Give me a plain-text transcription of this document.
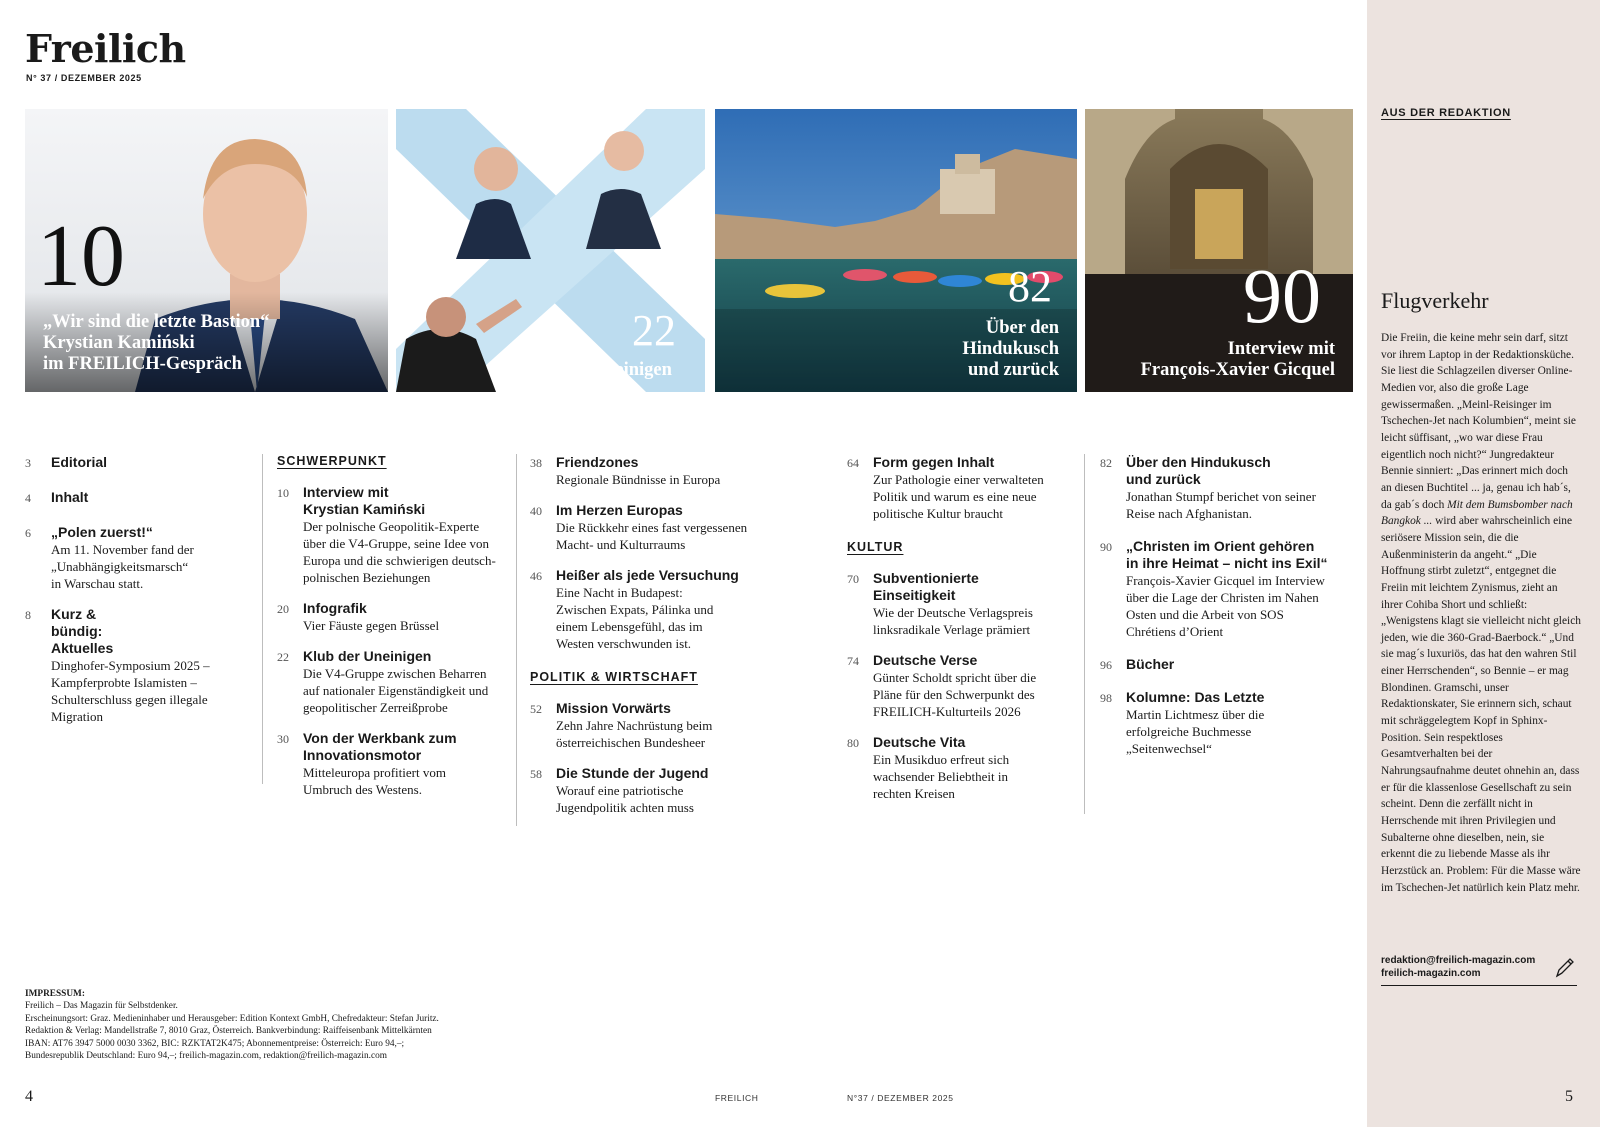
Freilich
N° 37 / DEZEMBER 2025
10
„Wir sind die letzte Bastion“
Krystian Kamiński
im FREILICH-Gespräch
22
Klub der Uneinigen
82
Über den
Hindukusch
und zurück
90
Interview mit
François-Xavier Gicquel
3 Editorial
4 Inhalt
6 „Polen zuerst!“
Am 11. November fand der „Unabhängigkeitsmarsch“ in Warschau statt.
8 Kurz & bündig: Aktuelles
Dinghofer-Symposium 2025 – Kampferprobte Islamisten – Schulterschluss gegen illegale Migration
SCHWERPUNKT
10 Interview mit Krystian Kamiński
Der polnische Geopolitik-Experte über die V4-Gruppe, seine Idee von Europa und die schwierigen deutsch-polnischen Beziehungen
20 Infografik
Vier Fäuste gegen Brüssel
22 Klub der Uneinigen
Die V4-Gruppe zwischen Beharren auf nationaler Eigenständigkeit und geopolitischer Zerreißprobe
30 Von der Werkbank zum Innovationsmotor
Mitteleuropa profitiert vom Umbruch des Westens.
38 Friendzones
Regionale Bündnisse in Europa
40 Im Herzen Europas
Die Rückkehr eines fast vergessenen Macht- und Kulturraums
46 Heißer als jede Versuchung
Eine Nacht in Budapest: Zwischen Expats, Pálinka und einem Lebensgefühl, das im Westen verschwunden ist.
POLITIK & WIRTSCHAFT
52 Mission Vorwärts
Zehn Jahre Nachrüstung beim österreichischen Bundesheer
58 Die Stunde der Jugend
Worauf eine patriotische Jugendpolitik achten muss
64 Form gegen Inhalt
Zur Pathologie einer verwalteten Politik und warum es eine neue politische Kultur braucht
KULTUR
70 Subventionierte Einseitigkeit
Wie der Deutsche Verlagspreis linksradikale Verlage prämiert
74 Deutsche Verse
Günter Scholdt spricht über die Pläne für den Schwerpunkt des FREILICH-Kulturteils 2026
80 Deutsche Vita
Ein Musikduo erfreut sich wachsender Beliebtheit in rechten Kreisen
82 Über den Hindukusch und zurück
Jonathan Stumpf berichet von seiner Reise nach Afghanistan.
90 „Christen im Orient gehören in ihre Heimat – nicht ins Exil“
François-Xavier Gicquel im Interview über die Lage der Christen im Nahen Osten und die Arbeit von SOS Chrétiens d’Orient
96 Bücher
98 Kolumne: Das Letzte
Martin Lichtmesz über die erfolgreiche Buchmesse „Seitenwechsel“
IMPRESSUM:
Freilich – Das Magazin für Selbstdenker.
Erscheinungsort: Graz. Medieninhaber und Herausgeber: Edition Kontext GmbH, Chefredakteur: Stefan Juritz.
Redaktion & Verlag: Mandellstraße 7, 8010 Graz, Österreich. Bankverbindung: Raiffeisenbank Mittelkärnten
IBAN: AT76 3947 5000 0030 3362, BIC: RZKTAT2K475; Abonnementpreise: Österreich: Euro 94,–;
Bundesrepublik Deutschland: Euro 94,–; freilich-magazin.com, redaktion@freilich-magazin.com
4	FREILICH	N°37 / DEZEMBER 2025
AUS DER REDAKTION
Flugverkehr
Die Freiin, die keine mehr sein darf, sitzt vor ihrem Laptop in der Redaktionsküche. Sie liest die Schlagzeilen diverser Online-Medien vor, also die große Lage gewissermaßen. „Meinl-Reisinger im Tschechen-Jet nach Kolumbien“, meint sie leicht süffisant, „wo war diese Frau eigentlich noch nicht?“ Jungredakteur Bennie sinniert: „Das erinnert mich doch an diesen Buchtitel ... ja, genau ich hab´s, da gab´s doch Mit dem Bumsbomber nach Bangkok ... wird aber wahrscheinlich eine seriösere Mission sein, die die Außenministerin da angeht.“ „Die Hoffnung stirbt zuletzt“, entgegnet die Freiin mit leichtem Zynismus, zieht an ihrer Cohiba Short und schließt: „Wenigstens klagt sie vielleicht nicht gleich jeden, wie die 360-Grad-Baerbock.“ „Und sie mag´s luxuriös, das hat den wahren Stil einer Herrschenden“, so Bennie – er mag Blondinen. Gramschi, unser Redaktionskater, Sie erinnern sich, schaut mit schräggelegtem Kopf in Sphinx-Position. Sein respektloses Gesamtverhalten bei der Nahrungsaufnahme deutet ohnehin an, dass er für die klassenlose Gesellschaft zu sein scheint. Denn die zerfällt nicht in Herrschende mit ihren Privilegien und Subalterne ohne dieselben, nein, sie erkennt die zu liebende Masse als ihr Herzstück an. Problem: Für die Masse wäre im Tschechen-Jet natürlich kein Platz mehr.
redaktion@freilich-magazin.com
freilich-magazin.com
5
